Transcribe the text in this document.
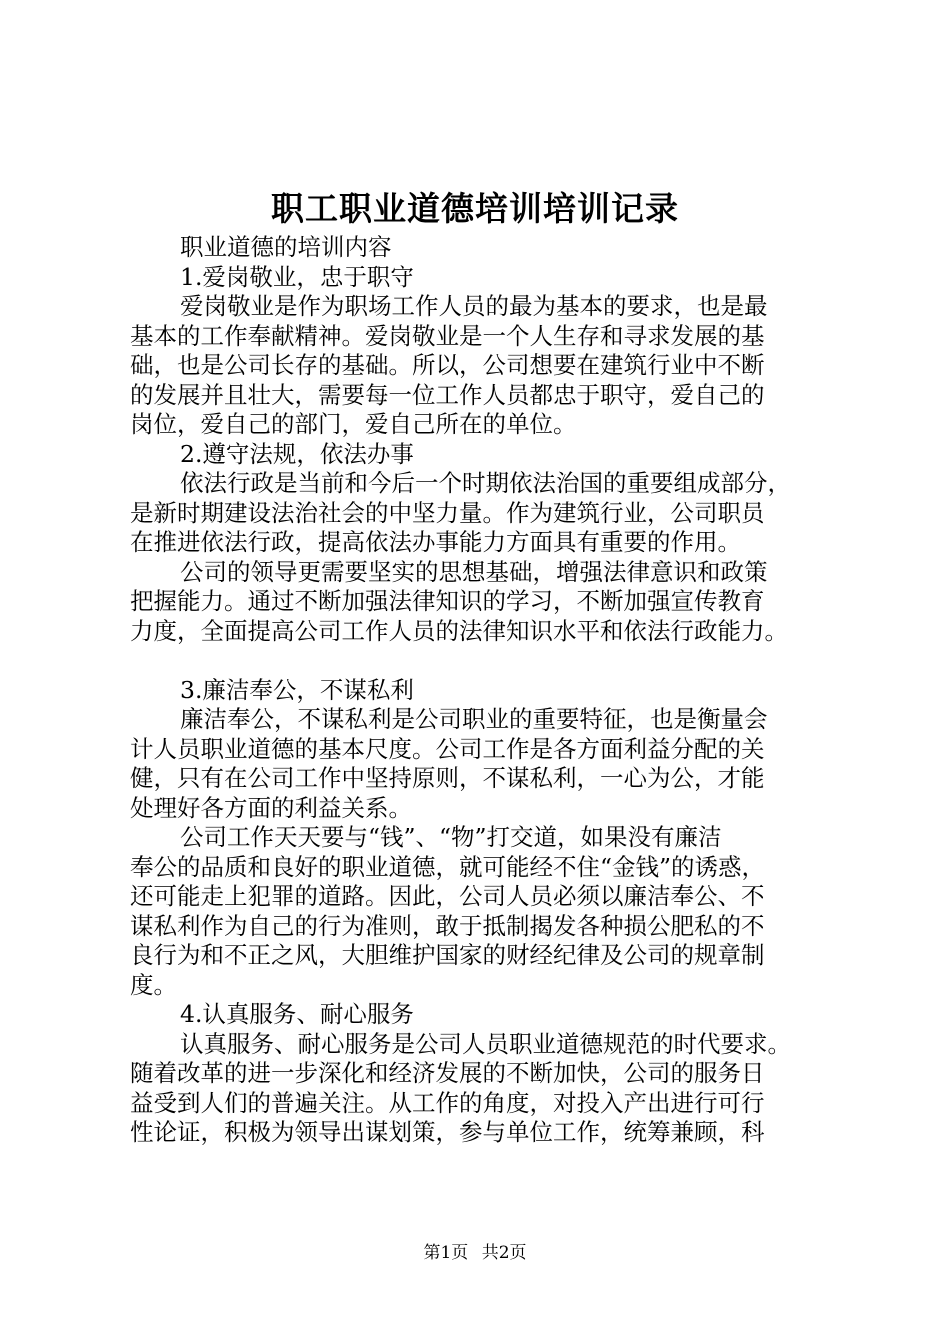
职工职业道德培训培训记录
职业道德的培训内容
1.爱岗敬业，忠于职守
爱岗敬业是作为职场工作人员的最为基本的要求，也是最
基本的工作奉献精神。爱岗敬业是一个人生存和寻求发展的基
础，也是公司长存的基础。所以，公司想要在建筑行业中不断
的发展并且壮大，需要每一位工作人员都忠于职守，爱自己的
岗位，爱自己的部门，爱自己所在的单位。
2.遵守法规，依法办事
依法行政是当前和今后一个时期依法治国的重要组成部分，
是新时期建设法治社会的中坚力量。作为建筑行业，公司职员
在推进依法行政，提高依法办事能力方面具有重要的作用。
公司的领导更需要坚实的思想基础，增强法律意识和政策
把握能力。通过不断加强法律知识的学习，不断加强宣传教育
力度，全面提高公司工作人员的法律知识水平和依法行政能力。
3.廉洁奉公，不谋私利
廉洁奉公，不谋私利是公司职业的重要特征，也是衡量会
计人员职业道德的基本尺度。公司工作是各方面利益分配的关
健，只有在公司工作中坚持原则，不谋私利，一心为公，才能
处理好各方面的利益关系。
公司工作天天要与“钱”、“物”打交道，如果没有廉洁
奉公的品质和良好的职业道德，就可能经不住“金钱”的诱惑，
还可能走上犯罪的道路。因此，公司人员必须以廉洁奉公、不
谋私利作为自己的行为准则，敢于抵制揭发各种损公肥私的不
良行为和不正之风，大胆维护国家的财经纪律及公司的规章制
度。
4.认真服务、耐心服务
认真服务、耐心服务是公司人员职业道德规范的时代要求。
随着改革的进一步深化和经济发展的不断加快，公司的服务日
益受到人们的普遍关注。从工作的角度，对投入产出进行可行
性论证，积极为领导出谋划策，参与单位工作，统筹兼顾，科
第1页 共2页
